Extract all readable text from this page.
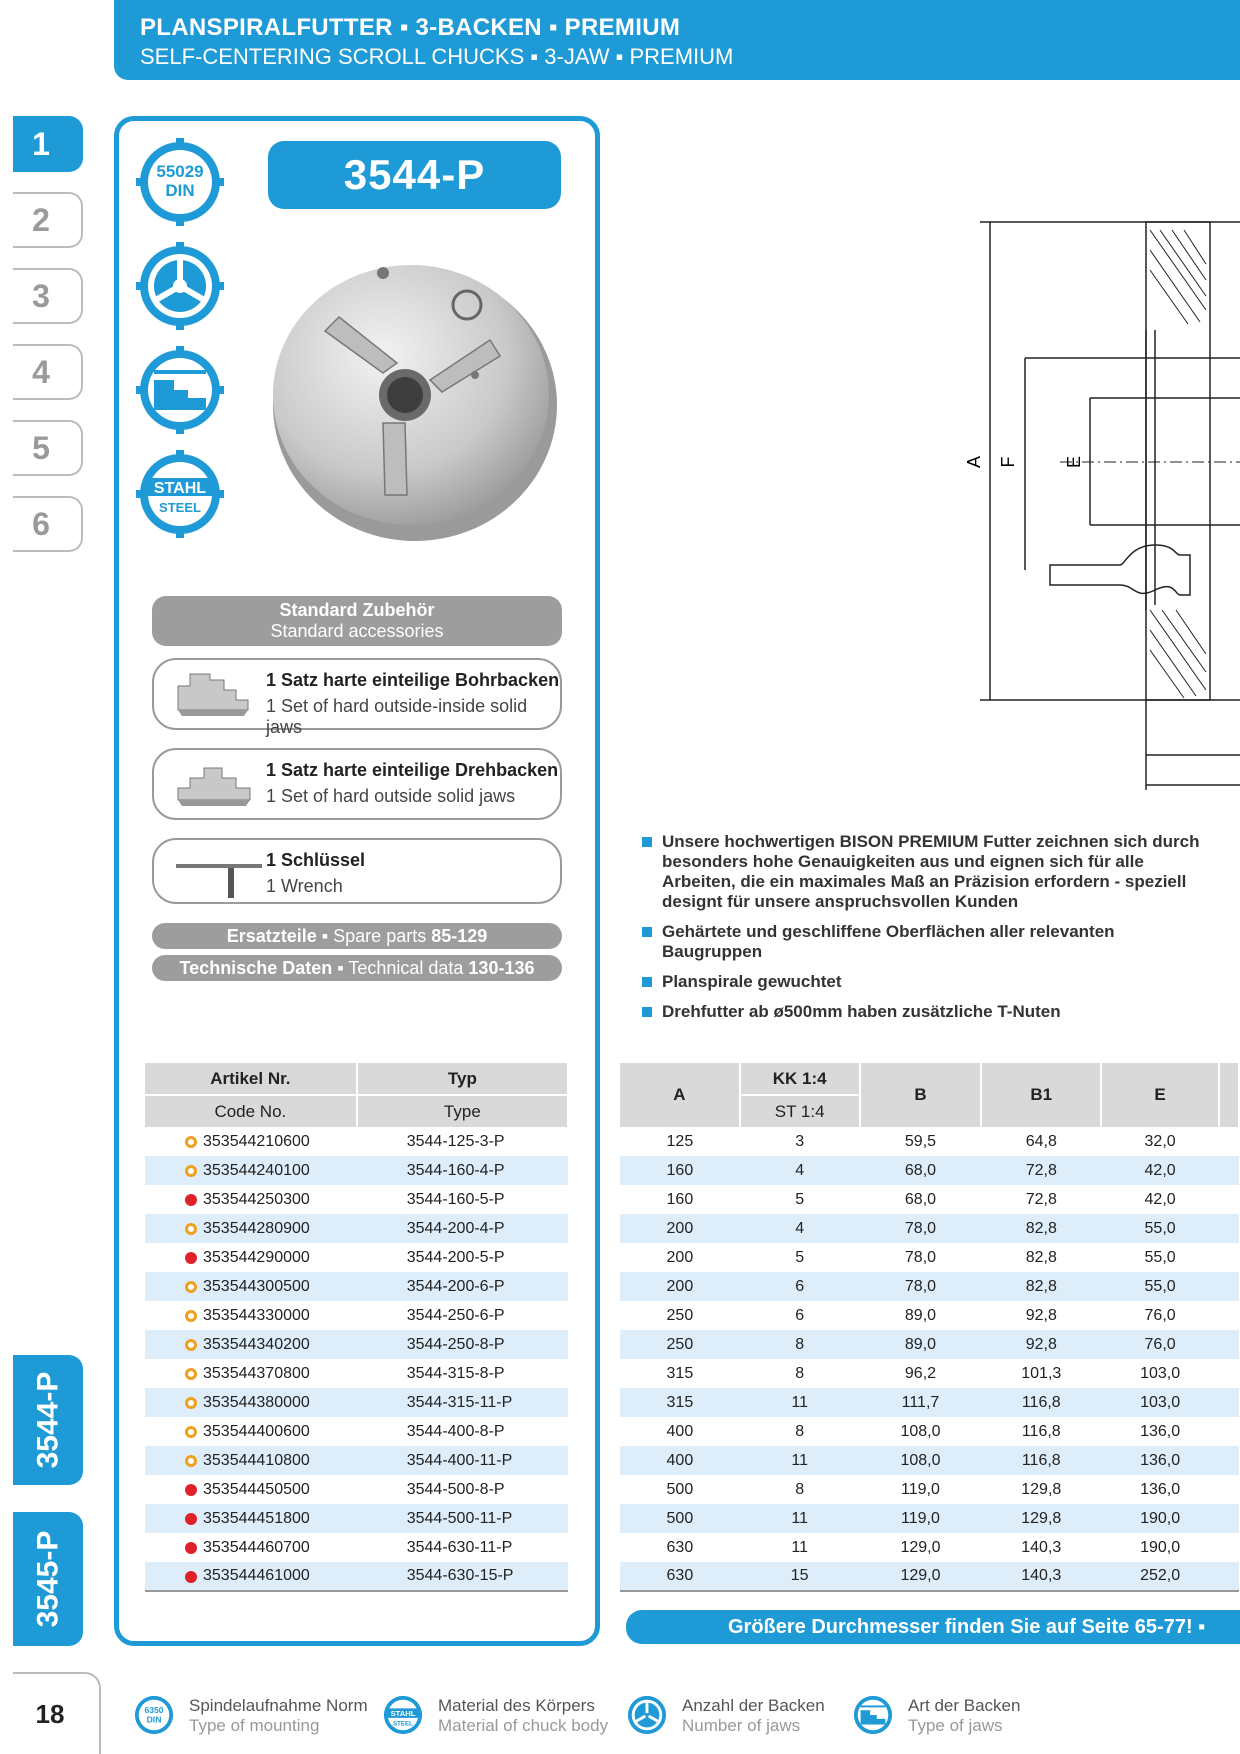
PLANSPIRALFUTTER ▪ 3-BACKEN ▪ PREMIUM
SELF-CENTERING SCROLL CHUCKS ▪ 3-JAW ▪ PREMIUM
1
2
3
4
5
6
3544-P
3545-P
55029
DIN
STAHL
STEEL
3544-P
Standard Zubehör
Standard accessories
1 Satz harte einteilige Bohrbacken
1 Set of hard outside-inside solid jaws
1 Satz harte einteilige Drehbacken
1 Set of hard outside solid jaws
1 Schlüssel
1 Wrench
Ersatzteile ▪ Spare parts 85-129
Technische Daten ▪ Technical data 130-136
Artikel Nr.	Typ
Code No.	Type

353544210600	3544-125-3-P

353544240100	3544-160-4-P

353544250300	3544-160-5-P

353544280900	3544-200-4-P

353544290000	3544-200-5-P

353544300500	3544-200-6-P

353544330000	3544-250-6-P

353544340200	3544-250-8-P

353544370800	3544-315-8-P

353544380000	3544-315-11-P

353544400600	3544-400-8-P

353544410800	3544-400-11-P

353544450500	3544-500-8-P

353544451800	3544-500-11-P

353544460700	3544-630-11-P

353544461000	3544-630-15-P
A F	E
Unsere hochwertigen BISON PREMIUM Futter zeichnen sich durch besonders hohe Genauigkeiten aus und eignen sich für alle Arbeiten, die ein maximales Maß an Präzision erfordern - speziell designt für unsere anspruchsvollen Kunden
Gehärtete und geschliffene Oberflächen aller relevanten Baugruppen
Planspirale gewuchtet
Drehfutter ab ø500mm haben zusätzliche T-Nuten
A	KK 1:4	B	B1	E	
	ST 1:4				
125	3	59,5	64,8	32,0	
160	4	68,0	72,8	42,0	
160	5	68,0	72,8	42,0	
200	4	78,0	82,8	55,0	
200	5	78,0	82,8	55,0	
200	6	78,0	82,8	55,0	
250	6	89,0	92,8	76,0	
250	8	89,0	92,8	76,0	
315	8	96,2	101,3	103,0	
315	11	111,7	116,8	103,0	
400	8	108,0	116,8	136,0	
400	11	108,0	116,8	136,0	
500	8	119,0	129,8	136,0	
500	11	119,0	129,8	190,0	
630	11	129,0	140,3	190,0	
630	15	129,0	140,3	252,0	
Größere Durchmesser finden Sie auf Seite 65-77! ▪
18	6350
DIN
Spindelaufnahme Norm
Type of mounting
STAHL
STEEL
Material des Körpers
Material of chuck body
Anzahl der Backen
Number of jaws
Art der Backen
Type of jaws
